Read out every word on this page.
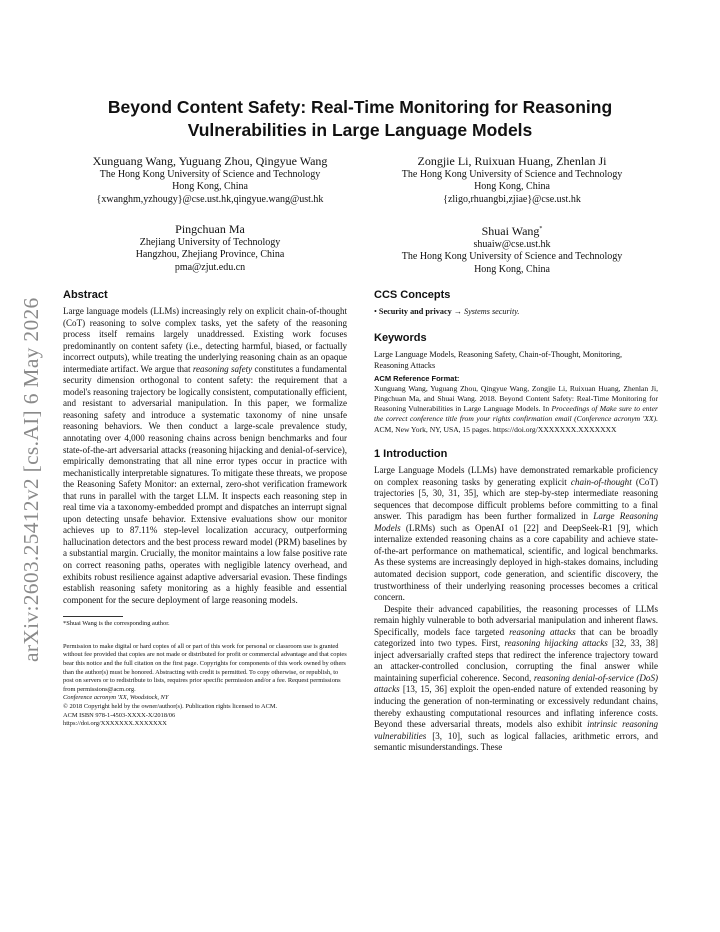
arXiv:2603.25412v2 [cs.AI] 6 May 2026
Beyond Content Safety: Real-Time Monitoring for Reasoning Vulnerabilities in Large Language Models
Xunguang Wang, Yuguang Zhou, Qingyue Wang
The Hong Kong University of Science and Technology
Hong Kong, China
{xwanghm,yzhougy}@cse.ust.hk,qingyue.wang@ust.hk
Zongjie Li, Ruixuan Huang, Zhenlan Ji
The Hong Kong University of Science and Technology
Hong Kong, China
{zligo,rhuangbi,zjiae}@cse.ust.hk
Pingchuan Ma
Zhejiang University of Technology
Hangzhou, Zhejiang Province, China
pma@zjut.edu.cn
Shuai Wang*
shuaiw@cse.ust.hk
The Hong Kong University of Science and Technology
Hong Kong, China
Abstract

Large language models (LLMs) increasingly rely on explicit chain-of-thought (CoT) reasoning to solve complex tasks, yet the safety of the reasoning process itself remains largely unaddressed. Existing work focuses predominantly on content safety (i.e., detecting harmful, biased, or factually incorrect outputs), while treating the underlying reasoning chain as an opaque intermediate artifact. We argue that reasoning safety constitutes a fundamental security dimension orthogonal to content safety: the requirement that a model's reasoning trajectory be logically consistent, computationally efficient, and resistant to adversarial manipulation. In this paper, we formalize reasoning safety and introduce a systematic taxonomy of nine unsafe reasoning behaviors. We then conduct a large-scale prevalence study, annotating over 4,000 reasoning chains across benign benchmarks and four state-of-the-art adversarial attacks (reasoning hijacking and denial-of-service), empirically demonstrating that all nine error types occur in practice with mechanistically interpretable signatures. To mitigate these threats, we propose the Reasoning Safety Monitor: an external, zero-shot verification framework that runs in parallel with the target LLM. It inspects each reasoning step in real time via a taxonomy-embedded prompt and dispatches an interrupt signal upon detecting unsafe behavior. Extensive evaluations show our monitor achieves up to 87.11% step-level localization accuracy, outperforming hallucination detectors and the best process reward model (PRM) baselines by a substantial margin. Crucially, the monitor maintains a low false positive rate on correct reasoning paths, operates with negligible latency overhead, and exhibits robust resilience against adaptive adversarial evasion. These findings establish reasoning safety monitoring as a highly feasible and essential component for the secure deployment of large reasoning models.

*Shuai Wang is the corresponding author.
Permission to make digital or hard copies of all or part of this work for personal or classroom use is granted without fee provided that copies are not made or distributed for profit or commercial advantage and that copies bear this notice and the full citation on the first page. Copyrights for components of this work owned by others than the author(s) must be honored. Abstracting with credit is permitted. To copy otherwise, or republish, to post on servers or to redistribute to lists, requires prior specific permission and/or a fee. Request permissions from permissions@acm.org.
Conference acronym 'XX, Woodstock, NY
© 2018 Copyright held by the owner/author(s). Publication rights licensed to ACM.
ACM ISBN 978-1-4503-XXXX-X/2018/06
https://doi.org/XXXXXXX.XXXXXXX
CCS Concepts

• Security and privacy → Systems security.

Keywords

Large Language Models, Reasoning Safety, Chain-of-Thought, Monitoring, Reasoning Attacks

ACM Reference Format:

Xunguang Wang, Yuguang Zhou, Qingyue Wang, Zongjie Li, Ruixuan Huang, Zhenlan Ji, Pingchuan Ma, and Shuai Wang. 2018. Beyond Content Safety: Real-Time Monitoring for Reasoning Vulnerabilities in Large Language Models. In Proceedings of Make sure to enter the correct conference title from your rights confirmation email (Conference acronym 'XX). ACM, New York, NY, USA, 15 pages. https://doi.org/XXXXXXX.XXXXXXX

1 Introduction

Large Language Models (LLMs) have demonstrated remarkable proficiency on complex reasoning tasks by generating explicit chain-of-thought (CoT) trajectories [5, 30, 31, 35], which are step-by-step intermediate reasoning sequences that decompose difficult problems before committing to a final answer. This paradigm has been further formalized in Large Reasoning Models (LRMs) such as OpenAI o1 [22] and DeepSeek-R1 [9], which internalize extended reasoning chains as a core capability and achieve state-of-the-art performance on mathematical, scientific, and logical benchmarks. As these systems are increasingly deployed in high-stakes domains, including automated decision support, code generation, and scientific discovery, the trustworthiness of their underlying reasoning processes becomes a critical concern.

Despite their advanced capabilities, the reasoning processes of LLMs remain highly vulnerable to both adversarial manipulation and inherent flaws. Specifically, models face targeted reasoning attacks that can be broadly categorized into two types. First, reasoning hijacking attacks [32, 33, 38] inject adversarially crafted steps that redirect the inference trajectory toward an attacker-controlled conclusion, corrupting the final answer while maintaining superficial coherence. Second, reasoning denial-of-service (DoS) attacks [13, 15, 36] exploit the open-ended nature of extended reasoning by inducing the generation of non-terminating or excessively redundant chains, thereby exhausting computational resources and inflating inference costs. Beyond these adversarial threats, models also exhibit intrinsic reasoning vulnerabilities [3, 10], such as logical fallacies, arithmetic errors, and semantic misunderstandings. These
